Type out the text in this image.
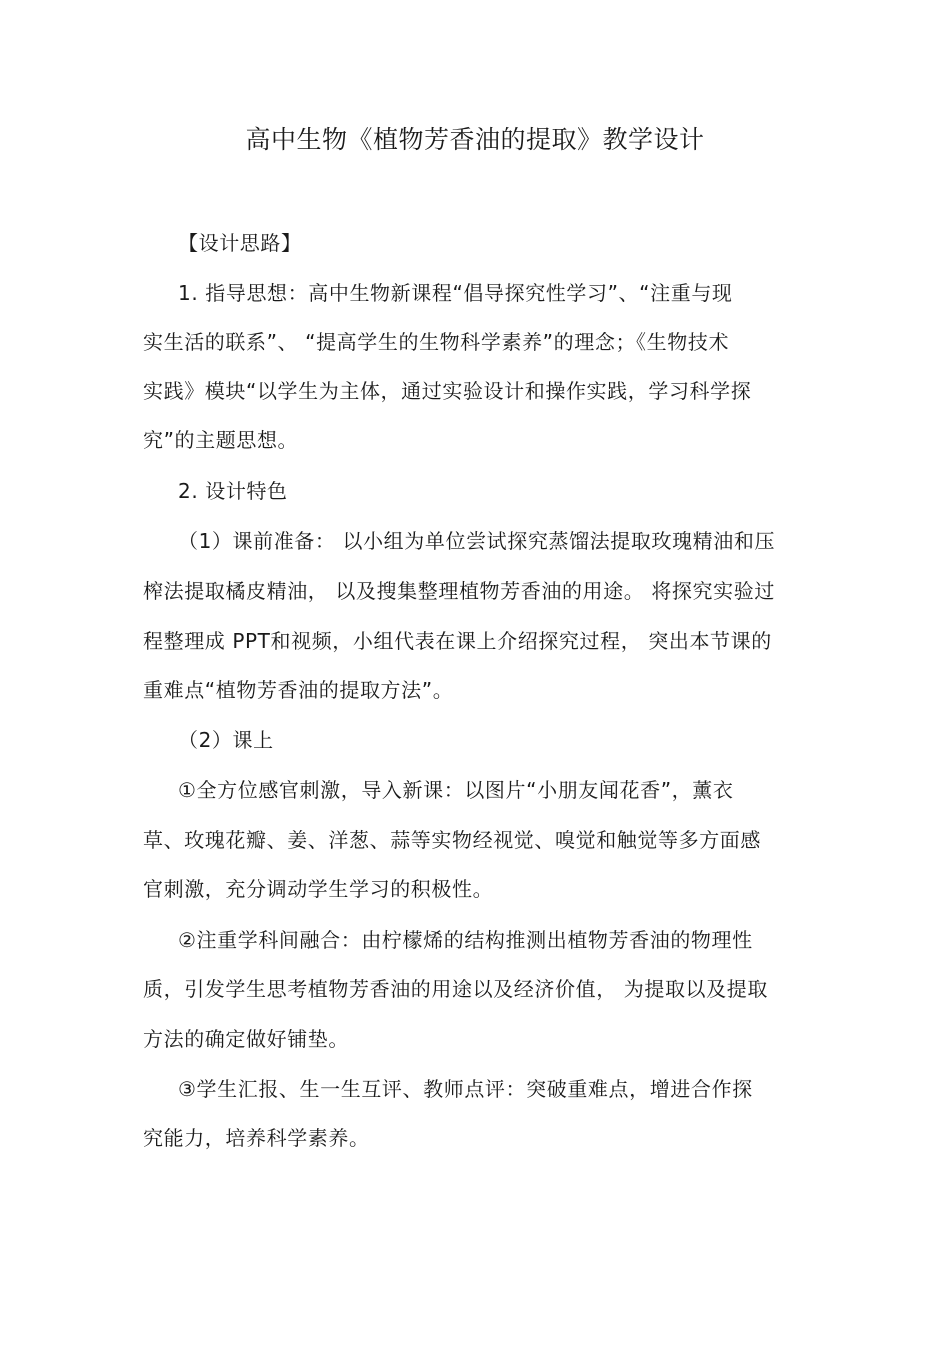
高中生物《植物芳香油的提取》教学设计
【设计思路】
1. 指导思想：高中生物新课程“倡导探究性学习”、“注重与现
实生活的联系”、 “提高学生的生物科学素养”的理念；《生物技术
实践》模块“以学生为主体，通过实验设计和操作实践，学习科学探
究”的主题思想。
2. 设计特色
（1）课前准备： 以小组为单位尝试探究蒸馏法提取玫瑰精油和压
榨法提取橘皮精油， 以及搜集整理植物芳香油的用途。 将探究实验过
程整理成 PPT和视频，小组代表在课上介绍探究过程， 突出本节课的
重难点“植物芳香油的提取方法”。
（2）课上
①全方位感官刺激，导入新课：以图片“小朋友闻花香”，薰衣
草、玫瑰花瓣、姜、洋葱、蒜等实物经视觉、嗅觉和触觉等多方面感
官刺激，充分调动学生学习的积极性。
②注重学科间融合：由柠檬烯的结构推测出植物芳香油的物理性
质，引发学生思考植物芳香油的用途以及经济价值， 为提取以及提取
方法的确定做好铺垫。
③学生汇报、生一生互评、教师点评：突破重难点，增进合作探
究能力，培养科学素养。
